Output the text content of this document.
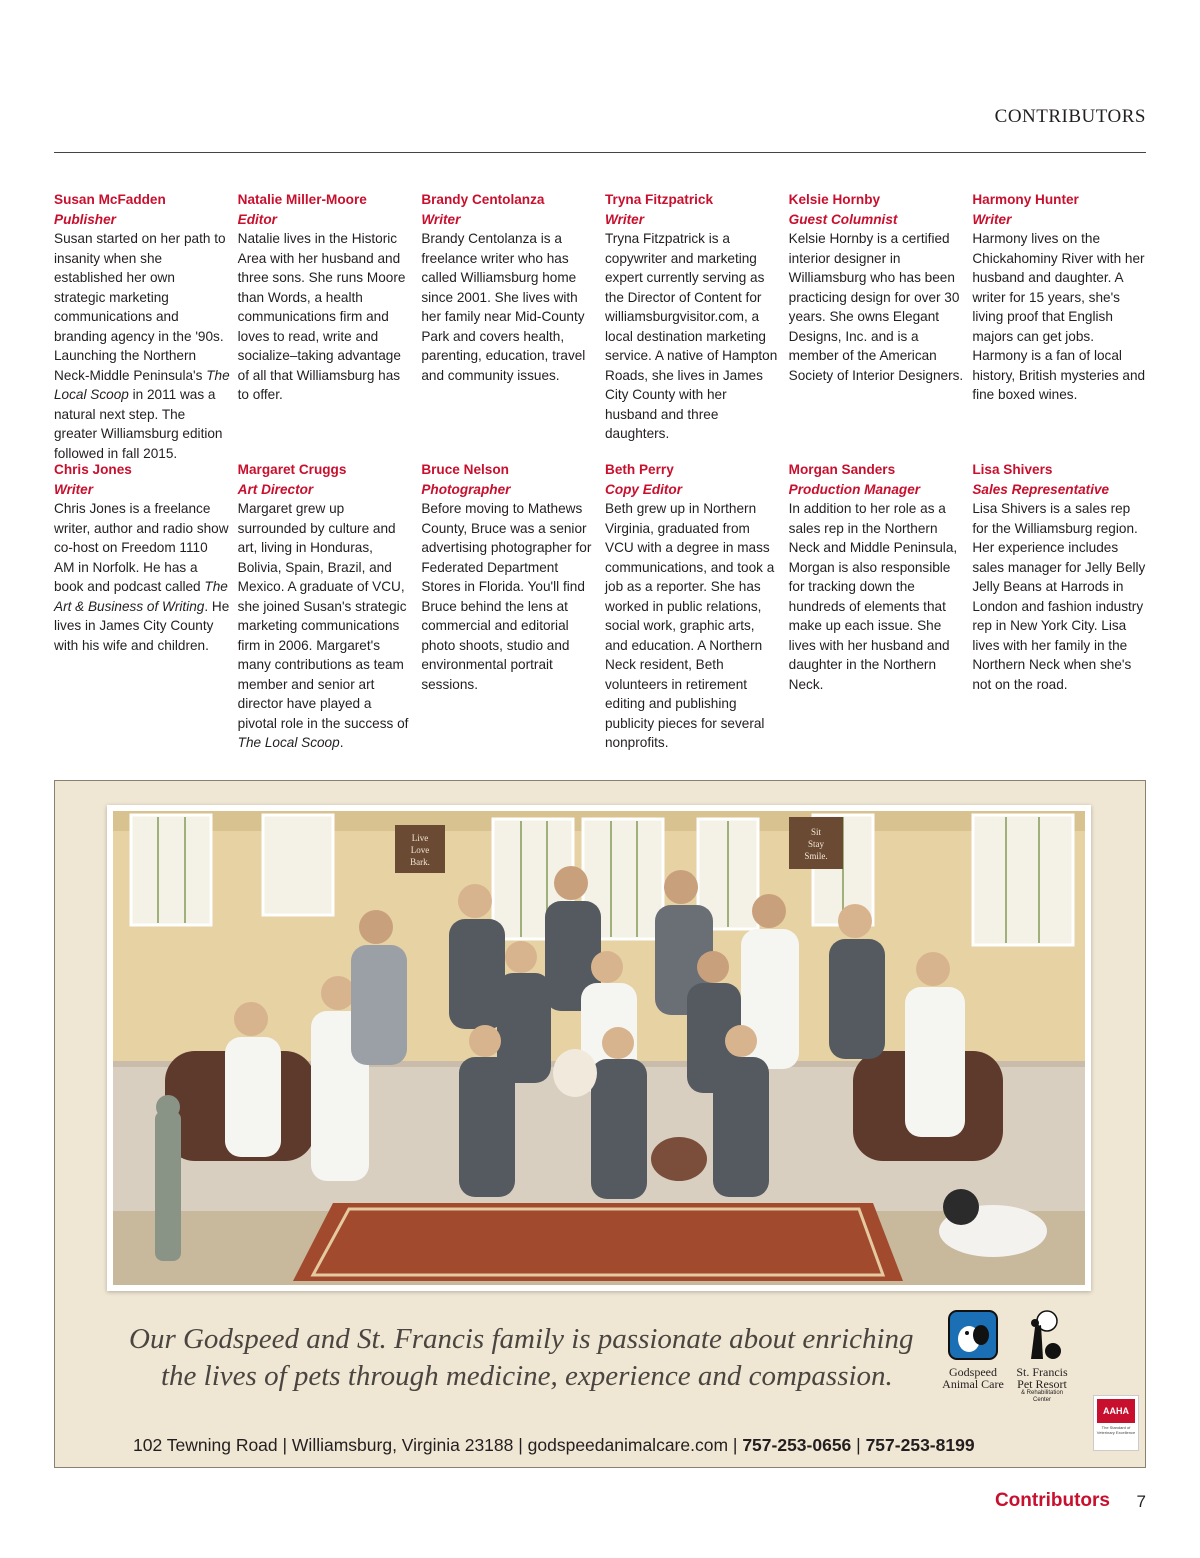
CONTRIBUTORS
Susan McFadden
Publisher
Susan started on her path to insanity when she established her own strategic marketing communications and branding agency in the '90s. Launching the Northern Neck-Middle Peninsula's The Local Scoop in 2011 was a natural next step. The greater Williamsburg edition followed in fall 2015.
Natalie Miller-Moore
Editor
Natalie lives in the Historic Area with her husband and three sons. She runs Moore than Words, a health communications firm and loves to read, write and socialize–taking advantage of all that Williamsburg has to offer.
Brandy Centolanza
Writer
Brandy Centolanza is a freelance writer who has called Williamsburg home since 2001. She lives with her family near Mid-County Park and covers health, parenting, education, travel and community issues.
Tryna Fitzpatrick
Writer
Tryna Fitzpatrick is a copywriter and marketing expert currently serving as the Director of Content for williamsburgvisitor.com, a local destination marketing service. A native of Hampton Roads, she lives in James City County with her husband and three daughters.
Kelsie Hornby
Guest Columnist
Kelsie Hornby is a certified interior designer in Williamsburg who has been practicing design for over 30 years. She owns Elegant Designs, Inc. and is a member of the American Society of Interior Designers.
Harmony Hunter
Writer
Harmony lives on the Chickahominy River with her husband and daughter. A writer for 15 years, she's living proof that English majors can get jobs. Harmony is a fan of local history, British mysteries and fine boxed wines.
Chris Jones
Writer
Chris Jones is a freelance writer, author and radio show co-host on Freedom 1110 AM in Norfolk. He has a book and podcast called The Art & Business of Writing. He lives in James City County with his wife and children.
Margaret Cruggs
Art Director
Margaret grew up surrounded by culture and art, living in Honduras, Bolivia, Spain, Brazil, and Mexico. A graduate of VCU, she joined Susan's strategic marketing communications firm in 2006. Margaret's many contributions as team member and senior art director have played a pivotal role in the success of The Local Scoop.
Bruce Nelson
Photographer
Before moving to Mathews County, Bruce was a senior advertising photographer for Federated Department Stores in Florida. You'll find Bruce behind the lens at commercial and editorial photo shoots, studio and environmental portrait sessions.
Beth Perry
Copy Editor
Beth grew up in Northern Virginia, graduated from VCU with a degree in mass communications, and took a job as a reporter. She has worked in public relations, social work, graphic arts, and education. A Northern Neck resident, Beth volunteers in retirement editing and publishing publicity pieces for several nonprofits.
Morgan Sanders
Production Manager
In addition to her role as a sales rep in the Northern Neck and Middle Peninsula, Morgan is also responsible for tracking down the hundreds of elements that make up each issue. She lives with her husband and daughter in the Northern Neck.
Lisa Shivers
Sales Representative
Lisa Shivers is a sales rep for the Williamsburg region. Her experience includes sales manager for Jelly Belly Jelly Beans at Harrods in London and fashion industry rep in New York City. Lisa lives with her family in the Northern Neck when she's not on the road.
Live
Love
Bark.
Sit
Stay
Smile.
Our Godspeed and St. Francis family is passionate about enriching
the lives of pets through medicine, experience and compassion.	Godspeed
Animal Care
St. Francis
Pet Resort
& Rehabilitation
Center
AAHA
The Standard of Veterinary Excellence
102 Tewning Road | Williamsburg, Virginia 23188 | godspeedanimalcare.com | 757-253-0656 | 757-253-8199
Contributors 7
